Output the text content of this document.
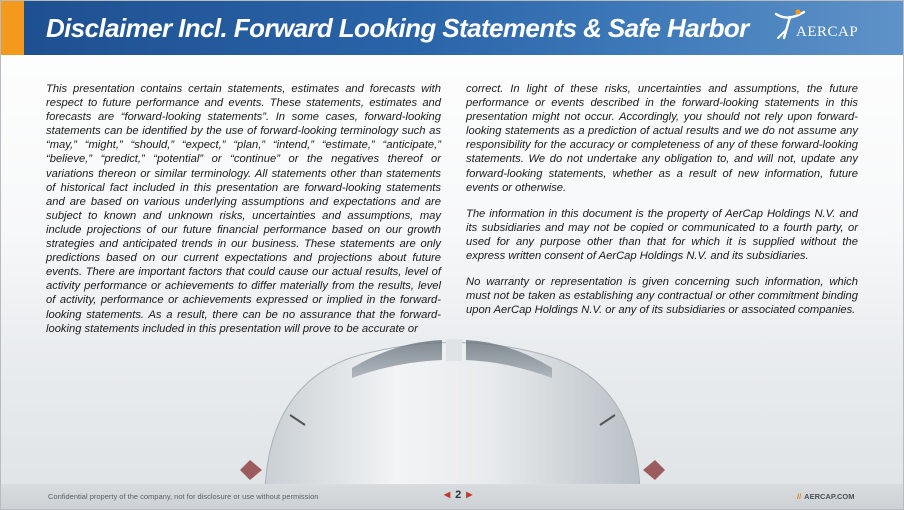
Disclaimer Incl. Forward Looking Statements & Safe Harbor	AERCAP

This presentation contains certain statements, estimates and forecasts with respect to future performance and events. These statements, estimates and forecasts are “forward-looking statements”. In some cases, forward-looking statements can be identified by the use of forward-looking terminology such as “may,” “might,” “should,” “expect,” “plan,” “intend,” “estimate,” “anticipate,” “believe,” “predict,” “potential” or “continue” or the negatives thereof or variations thereon or similar terminology. All statements other than statements of historical fact included in this presentation are forward-looking statements and are based on various underlying assumptions and expectations and are subject to known and unknown risks, uncertainties and assumptions, may include projections of our future financial performance based on our growth strategies and anticipated trends in our business. These statements are only predictions based on our current expectations and projections about future events. There are important factors that could cause our actual results, level of activity performance or achievements to differ materially from the results, level of activity, performance or achievements expressed or implied in the forward-looking statements. As a result, there can be no assurance that the forward-looking statements included in this presentation will prove to be accurate or

correct. In light of these risks, uncertainties and assumptions, the future performance or events described in the forward-looking statements in this presentation might not occur. Accordingly, you should not rely upon forward-looking statements as a prediction of actual results and we do not assume any responsibility for the accuracy or completeness of any of these forward-looking statements. We do not undertake any obligation to, and will not, update any forward-looking statements, whether as a result of new information, future events or otherwise.

The information in this document is the property of AerCap Holdings N.V. and its subsidiaries and may not be copied or communicated to a fourth party, or used for any purpose other than that for which it is supplied without the express written consent of AerCap Holdings N.V. and its subsidiaries.

No warranty or representation is given concerning such information, which must not be taken as establishing any contractual or other commitment binding upon AerCap Holdings N.V. or any of its subsidiaries or associated companies.

Confidential property of the company, not for disclosure or use without permission	◀ 2 ▶	// AERCAP.COM
